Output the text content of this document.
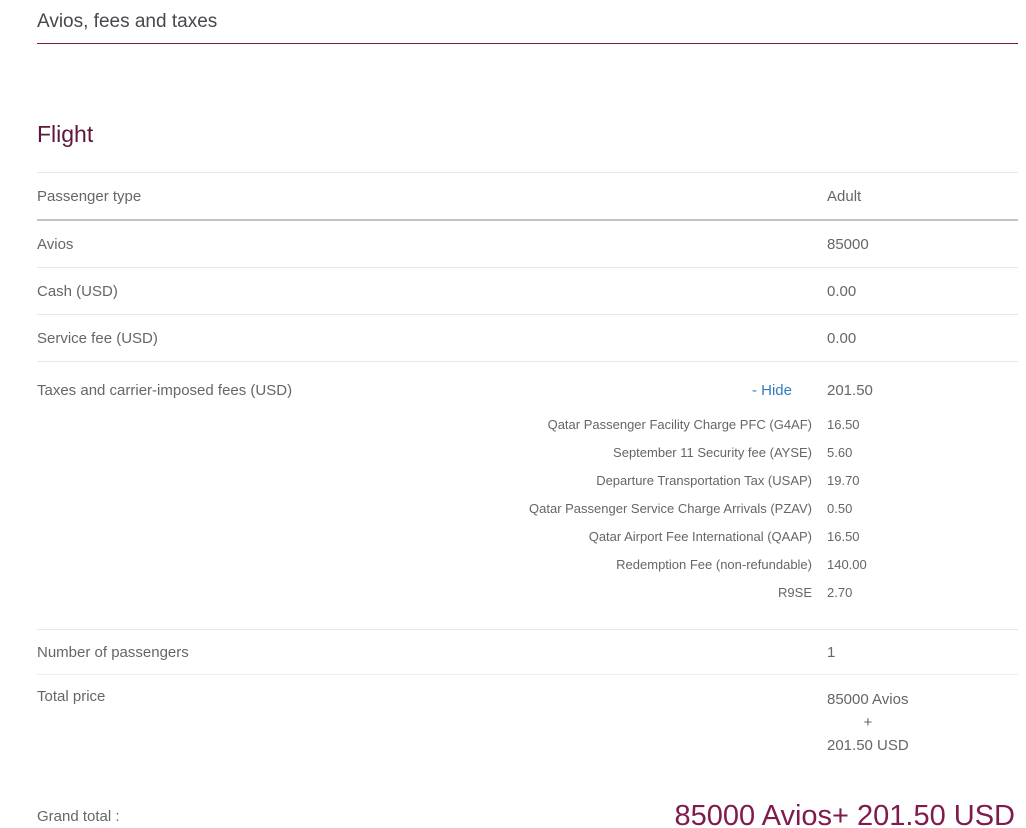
Avios, fees and taxes
Flight
Passenger type	Adult
Avios	85000
Cash (USD)	0.00
Service fee (USD)	0.00
Taxes and carrier-imposed fees (USD)	- Hide 201.50
Qatar Passenger Facility Charge PFC (G4AF)	16.50
September 11 Security fee (AYSE)	5.60
Departure Transportation Tax (USAP)	19.70
Qatar Passenger Service Charge Arrivals (PZAV)	0.50
Qatar Airport Fee International (QAAP)	16.50
Redemption Fee (non-refundable)	140.00
R9SE	2.70
Number of passengers	1
Total price	85000 Avios
+
201.50 USD
Grand total :	85000 Avios+ 201.50 USD
